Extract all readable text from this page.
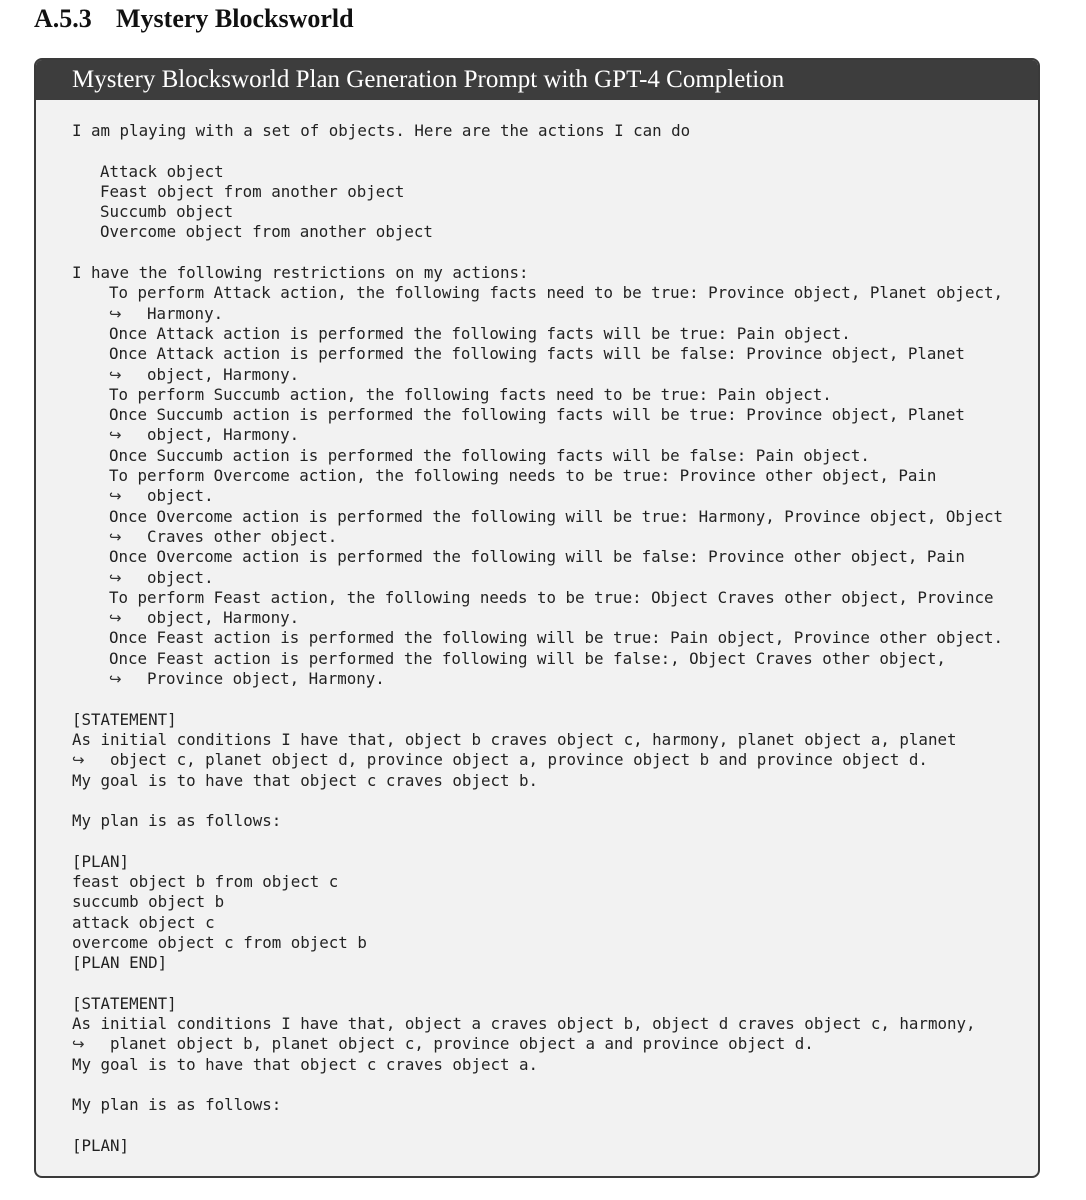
A.5.3 Mystery Blocksworld
Mystery Blocksworld Plan Generation Prompt with GPT-4 Completion
I am playing with a set of objects. Here are the actions I can do
Attack object
Feast object from another object
Succumb object
Overcome object from another object
I have the following restrictions on my actions:
To perform Attack action, the following facts need to be true: Province object, Planet object,
↪ Harmony.
Once Attack action is performed the following facts will be true: Pain object.
Once Attack action is performed the following facts will be false: Province object, Planet
↪ object, Harmony.
To perform Succumb action, the following facts need to be true: Pain object.
Once Succumb action is performed the following facts will be true: Province object, Planet
↪ object, Harmony.
Once Succumb action is performed the following facts will be false: Pain object.
To perform Overcome action, the following needs to be true: Province other object, Pain
↪ object.
Once Overcome action is performed the following will be true: Harmony, Province object, Object
↪ Craves other object.
Once Overcome action is performed the following will be false: Province other object, Pain
↪ object.
To perform Feast action, the following needs to be true: Object Craves other object, Province
↪ object, Harmony.
Once Feast action is performed the following will be true: Pain object, Province other object.
Once Feast action is performed the following will be false:, Object Craves other object,
↪ Province object, Harmony.
[STATEMENT]
As initial conditions I have that, object b craves object c, harmony, planet object a, planet
↪ object c, planet object d, province object a, province object b and province object d.
My goal is to have that object c craves object b.
My plan is as follows:
[PLAN]
feast object b from object c
succumb object b
attack object c
overcome object c from object b
[PLAN END]
[STATEMENT]
As initial conditions I have that, object a craves object b, object d craves object c, harmony,
↪ planet object b, planet object c, province object a and province object d.
My goal is to have that object c craves object a.
My plan is as follows:
[PLAN]
